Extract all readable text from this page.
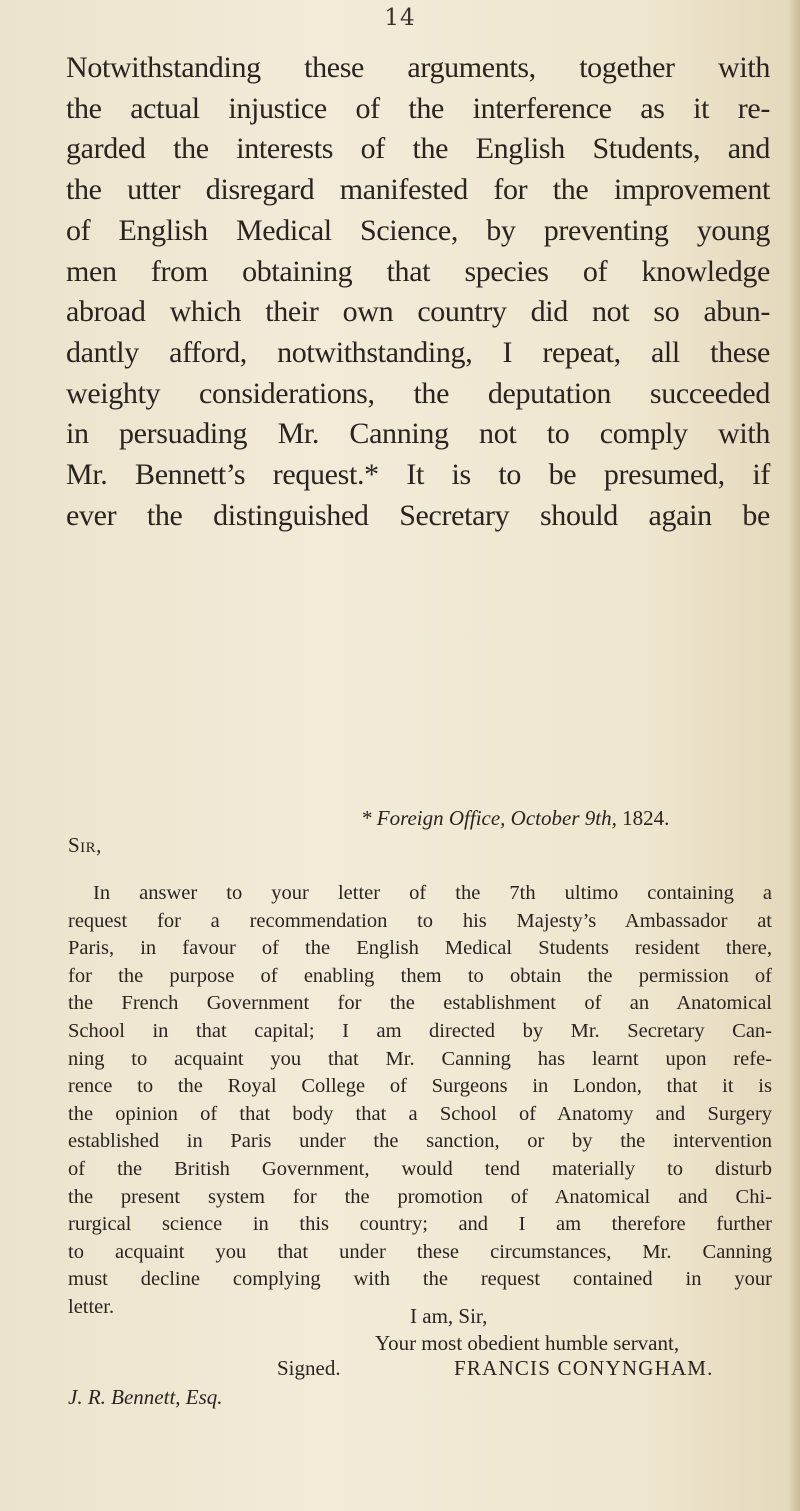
14

Notwithstanding these arguments, together with
the actual injustice of the interference as it re-
garded the interests of the English Students, and
the utter disregard manifested for the improvement
of English Medical Science, by preventing young
men from obtaining that species of knowledge
abroad which their own country did not so abun-
dantly afford, notwithstanding, I repeat, all these
weighty considerations, the deputation succeeded
in persuading Mr. Canning not to comply with
Mr. Bennett’s request.* It is to be presumed, if
ever the distinguished Secretary should again be

* Foreign Office, October 9th, 1824.
Sir,

In answer to your letter of the 7th ultimo containing a
request for a recommendation to his Majesty’s Ambassador at
Paris, in favour of the English Medical Students resident there,
for the purpose of enabling them to obtain the permission of
the French Government for the establishment of an Anatomical
School in that capital; I am directed by Mr. Secretary Can-
ning to acquaint you that Mr. Canning has learnt upon refe-
rence to the Royal College of Surgeons in London, that it is
the opinion of that body that a School of Anatomy and Surgery
established in Paris under the sanction, or by the intervention
of the British Government, would tend materially to disturb
the present system for the promotion of Anatomical and Chi-
rurgical science in this country; and I am therefore further
to acquaint you that under these circumstances, Mr. Canning
must decline complying with the request contained in your
letter.	I am, Sir,
Your most obedient humble servant,
Signed.	FRANCIS CONYNGHAM.
J. R. Bennett, Esq.
